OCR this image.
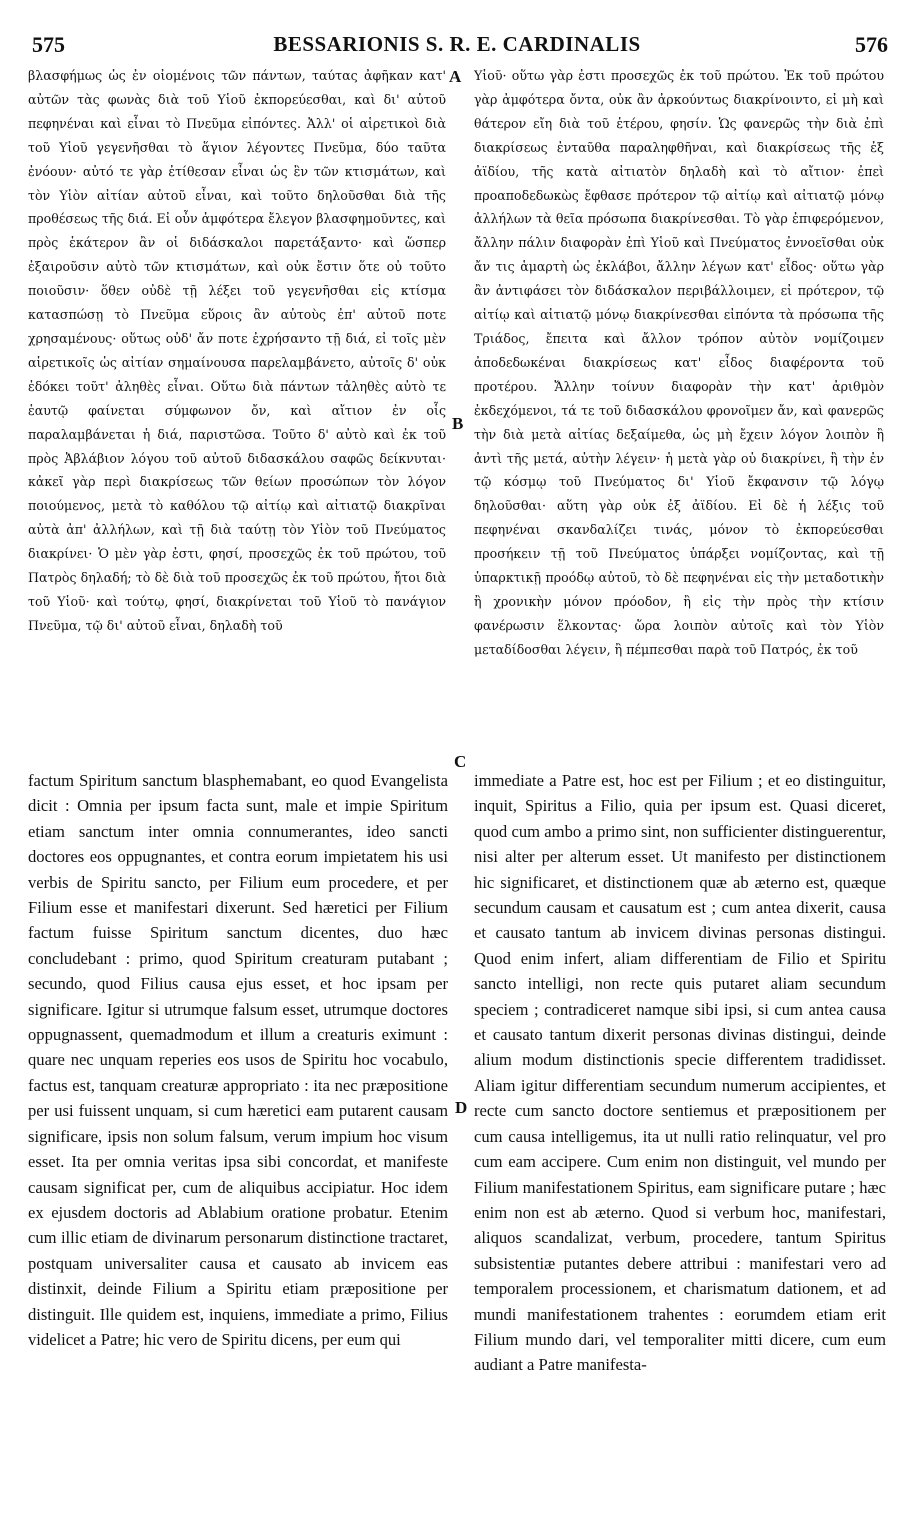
575	BESSARIONIS S. R. E. CARDINALIS	576

βλασφήμως ὡς ἐν οἰομένοις τῶν πάντων, ταύτας ἀφῆκαν κατ' αὐτῶν τὰς φωνὰς διὰ τοῦ Υἱοῦ ἐκπορεύεσθαι, καὶ δι' αὐτοῦ πεφηνέναι καὶ εἶναι τὸ Πνεῦμα εἰπόντες. Ἀλλ' οἱ αἱρετικοὶ διὰ τοῦ Υἱοῦ γεγενῆσθαι τὸ ἅγιον λέγοντες Πνεῦμα, δύο ταῦτα ἐνόουν· αὐτό τε γὰρ ἐτίθεσαν εἶναι ὡς ἓν τῶν κτισμάτων, καὶ τὸν Υἱὸν αἰτίαν αὐτοῦ εἶναι, καὶ τοῦτο δηλοῦσθαι διὰ τῆς προθέσεως τῆς διά. Εἰ οὖν ἀμφότερα ἔλεγον βλασφημοῦντες, καὶ πρὸς ἑκάτερον ἂν οἱ διδάσκαλοι παρετάξαντο· καὶ ὥσπερ ἐξαιροῦσιν αὐτὸ τῶν κτισμάτων, καὶ οὐκ ἔστιν ὅτε οὐ τοῦτο ποιοῦσιν· ὅθεν οὐδὲ τῇ λέξει τοῦ γεγενῆσθαι εἰς κτίσμα κατασπώσῃ τὸ Πνεῦμα εὕροις ἂν αὐτοὺς ἐπ' αὐτοῦ ποτε χρησαμένους· οὕτως οὐδ' ἄν ποτε ἐχρήσαντο τῇ διά, εἰ τοῖς μὲν αἱρετικοῖς ὡς αἰτίαν σημαίνουσα παρελαμβάνετο, αὐτοῖς δ' οὐκ ἐδόκει τοῦτ' ἀληθὲς εἶναι. Οὕτω διὰ πάντων τἀληθὲς αὐτὸ τε ἑαυτῷ φαίνεται σύμφωνον ὄν, καὶ αἴτιον ἐν οἷς παραλαμβάνεται ἡ διά, παριστῶσα. Τοῦτο δ' αὐτὸ καὶ ἐκ τοῦ πρὸς Ἀβλάβιον λόγου τοῦ αὐτοῦ διδασκάλου σαφῶς δείκνυται· κἀκεῖ γὰρ περὶ διακρίσεως τῶν θείων προσώπων τὸν λόγον ποιούμενος, μετὰ τὸ καθόλου τῷ αἰτίῳ καὶ αἰτιατῷ διακρῖναι αὐτὰ ἀπ' ἀλλήλων, καὶ τῇ διὰ ταύτῃ τὸν Υἱὸν τοῦ Πνεύματος διακρίνει· Ὁ μὲν γὰρ ἐστι, φησί, προσεχῶς ἐκ τοῦ πρώτου, τοῦ Πατρὸς δηλαδή; τὸ δὲ διὰ τοῦ προσεχῶς ἐκ τοῦ πρώτου, ἤτοι διὰ τοῦ Υἱοῦ· καὶ τούτῳ, φησί, διακρίνεται τοῦ Υἱοῦ τὸ πανάγιον Πνεῦμα, τῷ δι' αὐτοῦ εἶναι, δηλαδὴ τοῦ

Υἱοῦ· οὕτω γὰρ ἐστι προσεχῶς ἐκ τοῦ πρώτου. Ἐκ τοῦ πρώτου γὰρ ἀμφότερα ὄντα, οὐκ ἂν ἀρκούντως διακρίνοιντο, εἰ μὴ καὶ θάτερον εἴη διὰ τοῦ ἑτέρου, φησίν. Ὡς φανερῶς τὴν διὰ ἐπὶ διακρίσεως ἐνταῦθα παραληφθῆναι, καὶ διακρίσεως τῆς ἐξ ἀϊδίου, τῆς κατὰ αἰτιατὸν δηλαδὴ καὶ τὸ αἴτιον· ἐπεὶ προαποδεδωκὼς ἔφθασε πρότερον τῷ αἰτίῳ καὶ αἰτιατῷ μόνῳ ἀλλήλων τὰ θεῖα πρόσωπα διακρίνεσθαι. Τὸ γὰρ ἐπιφερόμενον, ἄλλην πάλιν διαφορὰν ἐπὶ Υἱοῦ καὶ Πνεύματος ἐννοεῖσθαι οὐκ ἄν τις ἁμαρτὴ ὡς ἐκλάβοι, ἄλλην λέγων κατ' εἶδος· οὕτω γὰρ ἂν ἀντιφάσει τὸν διδάσκαλον περιβάλλοιμεν, εἰ πρότερον, τῷ αἰτίῳ καὶ αἰτιατῷ μόνῳ διακρίνεσθαι εἰπόντα τὰ πρόσωπα τῆς Τριάδος, ἔπειτα καὶ ἄλλον τρόπον αὐτὸν νομίζοιμεν ἀποδεδωκέναι διακρίσεως κατ' εἶδος διαφέροντα τοῦ προτέρου. Ἄλλην τοίνυν διαφορὰν τὴν κατ' ἀριθμὸν ἐκδεχόμενοι, τά τε τοῦ διδασκάλου φρονοῖμεν ἄν, καὶ φανερῶς τὴν διὰ μετὰ αἰτίας δεξαίμεθα, ὡς μὴ ἔχειν λόγον λοιπὸν ἢ ἀντὶ τῆς μετά, αὐτὴν λέγειν· ἡ μετὰ γὰρ οὐ διακρίνει, ἢ τὴν ἐν τῷ κόσμῳ τοῦ Πνεύματος δι' Υἱοῦ ἔκφανσιν τῷ λόγῳ δηλοῦσθαι· αὕτη γὰρ οὐκ ἐξ ἀϊδίου. Εἰ δὲ ἡ λέξις τοῦ πεφηνέναι σκανδαλίζει τινάς, μόνον τὸ ἐκπορεύεσθαι προσήκειν τῇ τοῦ Πνεύματος ὑπάρξει νομίζοντας, καὶ τῇ ὑπαρκτικῇ προόδῳ αὐτοῦ, τὸ δὲ πεφηνέναι εἰς τὴν μεταδοτικὴν ἢ χρονικὴν μόνον πρόοδον, ἢ εἰς τὴν πρὸς τὴν κτίσιν φανέρωσιν ἕλκοντας· ὥρα λοιπὸν αὐτοῖς καὶ τὸν Υἱὸν μεταδίδοσθαι λέγειν, ἢ πέμπεσθαι παρὰ τοῦ Πατρός, ἐκ τοῦ

A
B
C
D

factum Spiritum sanctum blasphemabant, eo quod Evangelista dicit : Omnia per ipsum facta sunt, male et impie Spiritum etiam sanctum inter omnia connumerantes, ideo sancti doctores eos oppugnantes, et contra eorum impietatem his usi verbis de Spiritu sancto, per Filium eum procedere, et per Filium esse et manifestari dixerunt. Sed hæretici per Filium factum fuisse Spiritum sanctum dicentes, duo hæc concludebant : primo, quod Spiritum creaturam putabant ; secundo, quod Filius causa ejus esset, et hoc ipsam per significare. Igitur si utrumque falsum esset, utrumque doctores oppugnassent, quemadmodum et illum a creaturis eximunt : quare nec unquam reperies eos usos de Spiritu hoc vocabulo, factus est, tanquam creaturæ appropriato : ita nec præpositione per usi fuissent unquam, si cum hæretici eam putarent causam significare, ipsis non solum falsum, verum impium hoc visum esset. Ita per omnia veritas ipsa sibi concordat, et manifeste causam significat per, cum de aliquibus accipiatur. Hoc idem ex ejusdem doctoris ad Ablabium oratione probatur. Etenim cum illic etiam de divinarum personarum distinctione tractaret, postquam universaliter causa et causato ab invicem eas distinxit, deinde Filium a Spiritu etiam præpositione per distinguit. Ille quidem est, inquiens, immediate a primo, Filius videlicet a Patre; hic vero de Spiritu dicens, per eum qui

immediate a Patre est, hoc est per Filium ; et eo distinguitur, inquit, Spiritus a Filio, quia per ipsum est. Quasi diceret, quod cum ambo a primo sint, non sufficienter distinguerentur, nisi alter per alterum esset. Ut manifesto per distinctionem hic significaret, et distinctionem quæ ab æterno est, quæque secundum causam et causatum est ; cum antea dixerit, causa et causato tantum ab invicem divinas personas distingui. Quod enim infert, aliam differentiam de Filio et Spiritu sancto intelligi, non recte quis putaret aliam secundum speciem ; contradiceret namque sibi ipsi, si cum antea causa et causato tantum dixerit personas divinas distingui, deinde alium modum distinctionis specie differentem tradidisset. Aliam igitur differentiam secundum numerum accipientes, et recte cum sancto doctore sentiemus et præpositionem per cum causa intelligemus, ita ut nulli ratio relinquatur, vel pro cum eam accipere. Cum enim non distinguit, vel mundo per Filium manifestationem Spiritus, eam significare putare ; hæc enim non est ab æterno. Quod si verbum hoc, manifestari, aliquos scandalizat, verbum, procedere, tantum Spiritus subsistentiæ putantes debere attribui : manifestari vero ad temporalem processionem, et charismatum dationem, et ad mundi manifestationem trahentes : eorumdem etiam erit Filium mundo dari, vel temporaliter mitti dicere, cum eum audiant a Patre manifesta-
